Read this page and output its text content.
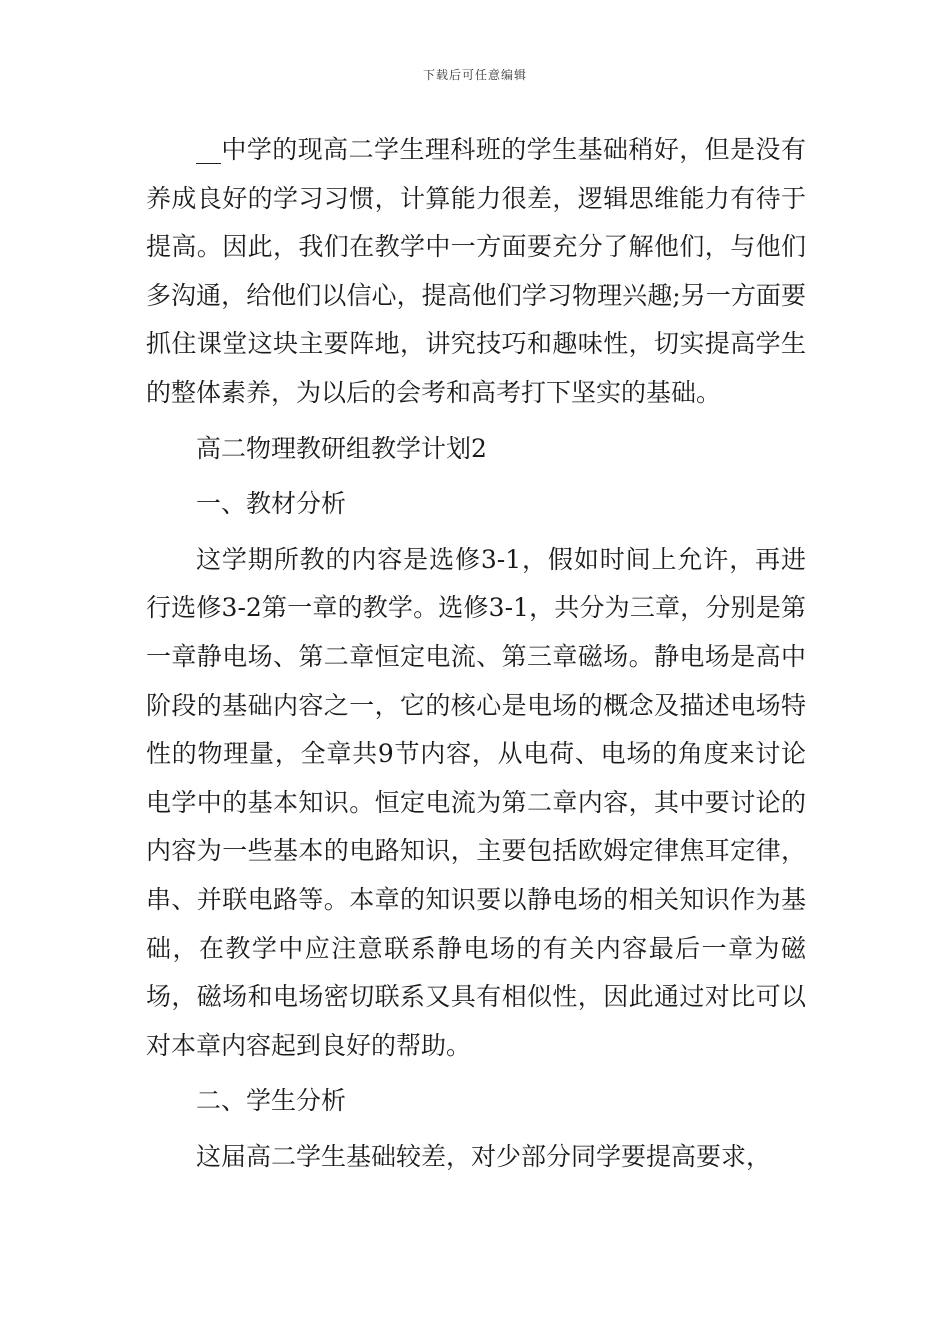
下载后可任意编辑

__中学的现高二学生理科班的学生基础稍好，但是没有养成良好的学习习惯，计算能力很差，逻辑思维能力有待于提高。因此，我们在教学中一方面要充分了解他们，与他们多沟通，给他们以信心，提高他们学习物理兴趣;另一方面要抓住课堂这块主要阵地，讲究技巧和趣味性，切实提高学生的整体素养，为以后的会考和高考打下坚实的基础。

高二物理教研组教学计划2

一、教材分析

这学期所教的内容是选修3-1，假如时间上允许，再进行选修3-2第一章的教学。选修3-1，共分为三章，分别是第一章静电场、第二章恒定电流、第三章磁场。静电场是高中阶段的基础内容之一，它的核心是电场的概念及描述电场特性的物理量，全章共9节内容，从电荷、电场的角度来讨论电学中的基本知识。恒定电流为第二章内容，其中要讨论的内容为一些基本的电路知识，主要包括欧姆定律焦耳定律，串、并联电路等。本章的知识要以静电场的相关知识作为基础，在教学中应注意联系静电场的有关内容最后一章为磁场，磁场和电场密切联系又具有相似性，因此通过对比可以对本章内容起到良好的帮助。

二、学生分析

这届高二学生基础较差，对少部分同学要提高要求，
